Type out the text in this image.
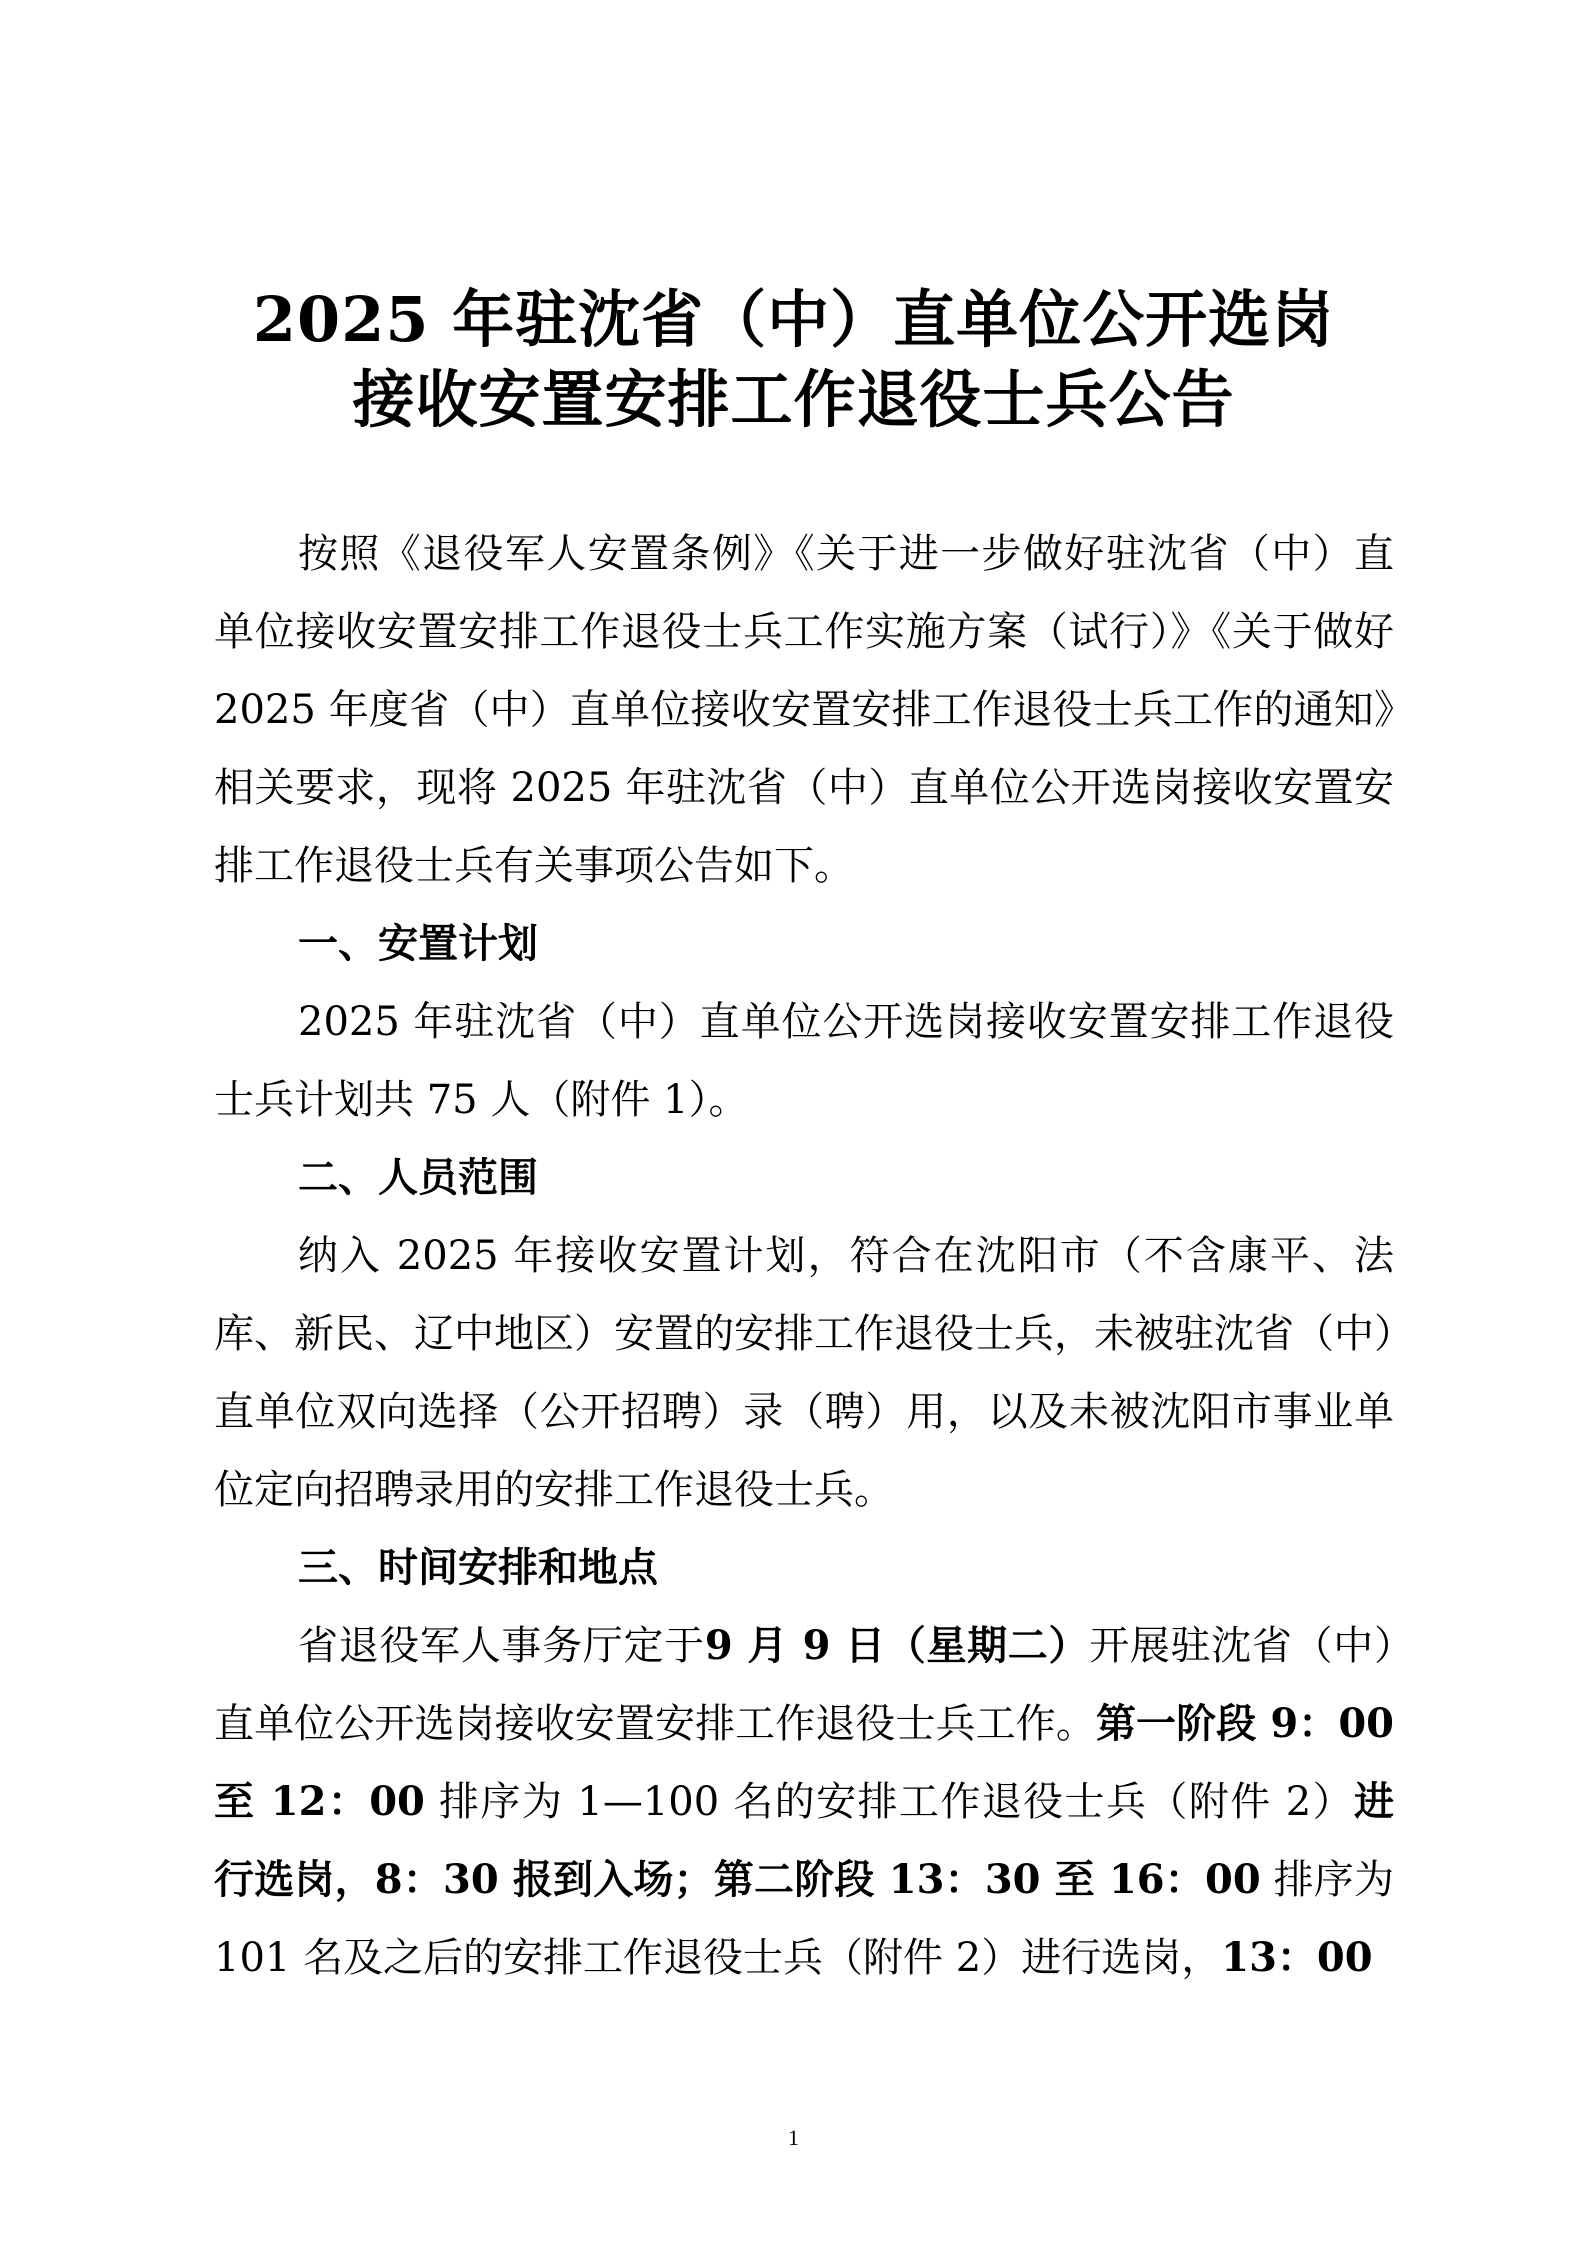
2025 年驻沈省（中）直单位公开选岗
接收安置安排工作退役士兵公告

按照《退役军人安置条例》《关于进一步做好驻沈省（中）直单位接收安置安排工作退役士兵工作实施方案（试行）》《关于做好 2025 年度省（中）直单位接收安置安排工作退役士兵工作的通知》相关要求，现将 2025 年驻沈省（中）直单位公开选岗接收安置安排工作退役士兵有关事项公告如下。

一、安置计划

2025 年驻沈省（中）直单位公开选岗接收安置安排工作退役士兵计划共 75 人（附件 1）。

二、人员范围

纳入 2025 年接收安置计划，符合在沈阳市（不含康平、法库、新民、辽中地区）安置的安排工作退役士兵，未被驻沈省（中）直单位双向选择（公开招聘）录（聘）用，以及未被沈阳市事业单位定向招聘录用的安排工作退役士兵。

三、时间安排和地点

省退役军人事务厅定于9 月 9 日（星期二）开展驻沈省（中）直单位公开选岗接收安置安排工作退役士兵工作。第一阶段 9：00 至 12：00 排序为 1—100 名的安排工作退役士兵（附件 2）进行选岗，8：30 报到入场；第二阶段 13：30 至 16：00 排序为 101 名及之后的安排工作退役士兵（附件 2）进行选岗，13：00

1
